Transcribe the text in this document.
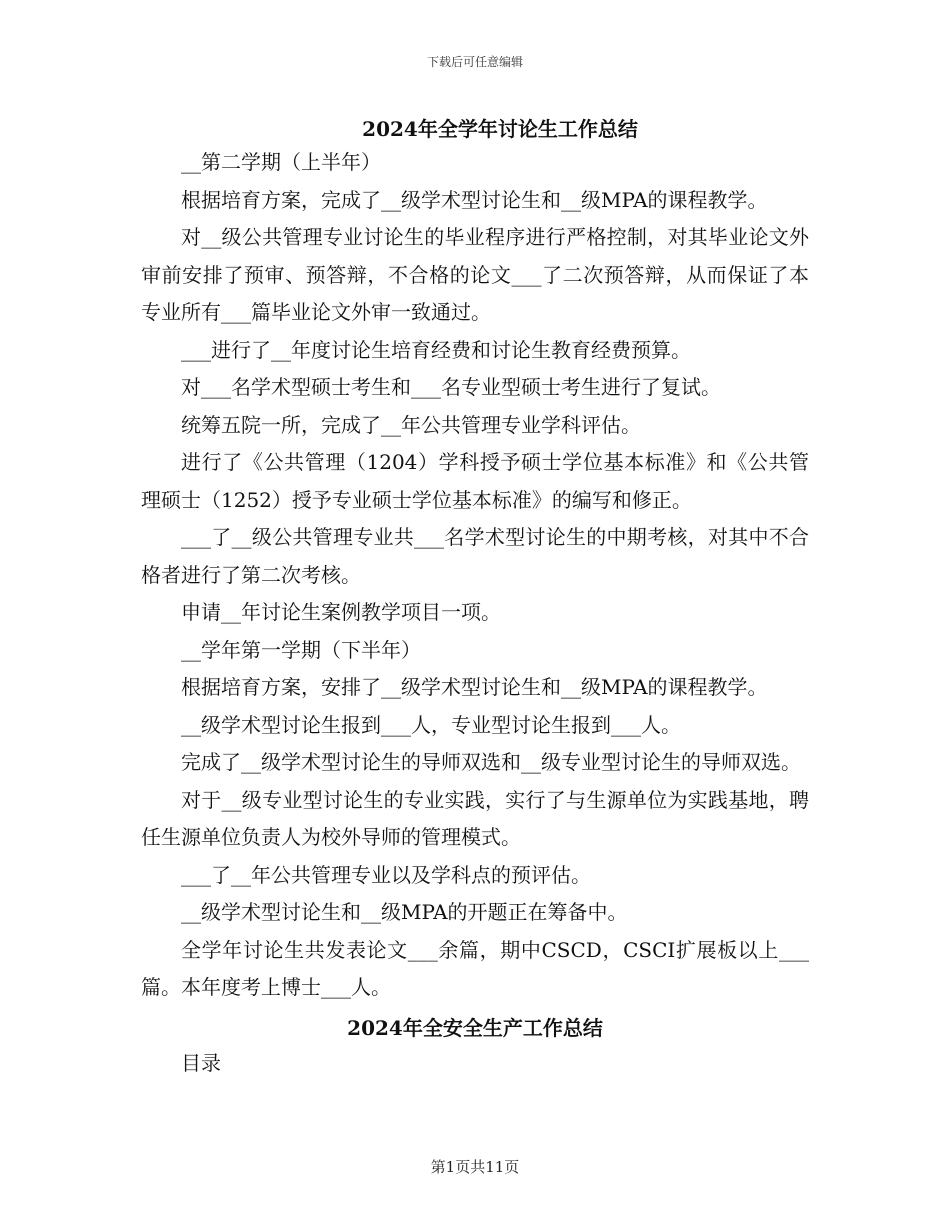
下载后可任意编辑
2024年全学年讨论生工作总结

__第二学期（上半年）

根据培育方案，完成了__级学术型讨论生和__级MPA的课程教学。

对__级公共管理专业讨论生的毕业程序进行严格控制，对其毕业论文外审前安排了预审、预答辩，不合格的论文___了二次预答辩，从而保证了本专业所有___篇毕业论文外审一致通过。

___进行了__年度讨论生培育经费和讨论生教育经费预算。

对___名学术型硕士考生和___名专业型硕士考生进行了复试。

统筹五院一所，完成了__年公共管理专业学科评估。

进行了《公共管理（1204）学科授予硕士学位基本标准》和《公共管理硕士（1252）授予专业硕士学位基本标准》的编写和修正。

___了__级公共管理专业共___名学术型讨论生的中期考核，对其中不合格者进行了第二次考核。

申请__年讨论生案例教学项目一项。

__学年第一学期（下半年）

根据培育方案，安排了__级学术型讨论生和__级MPA的课程教学。

__级学术型讨论生报到___人，专业型讨论生报到___人。

完成了__级学术型讨论生的导师双选和__级专业型讨论生的导师双选。

对于__级专业型讨论生的专业实践，实行了与生源单位为实践基地，聘任生源单位负责人为校外导师的管理模式。

___了__年公共管理专业以及学科点的预评估。

__级学术型讨论生和__级MPA的开题正在筹备中。

全学年讨论生共发表论文___余篇，期中CSCD，CSCI扩展板以上___篇。本年度考上博士___人。

2024年全安全生产工作总结

目录

第1页共11页
